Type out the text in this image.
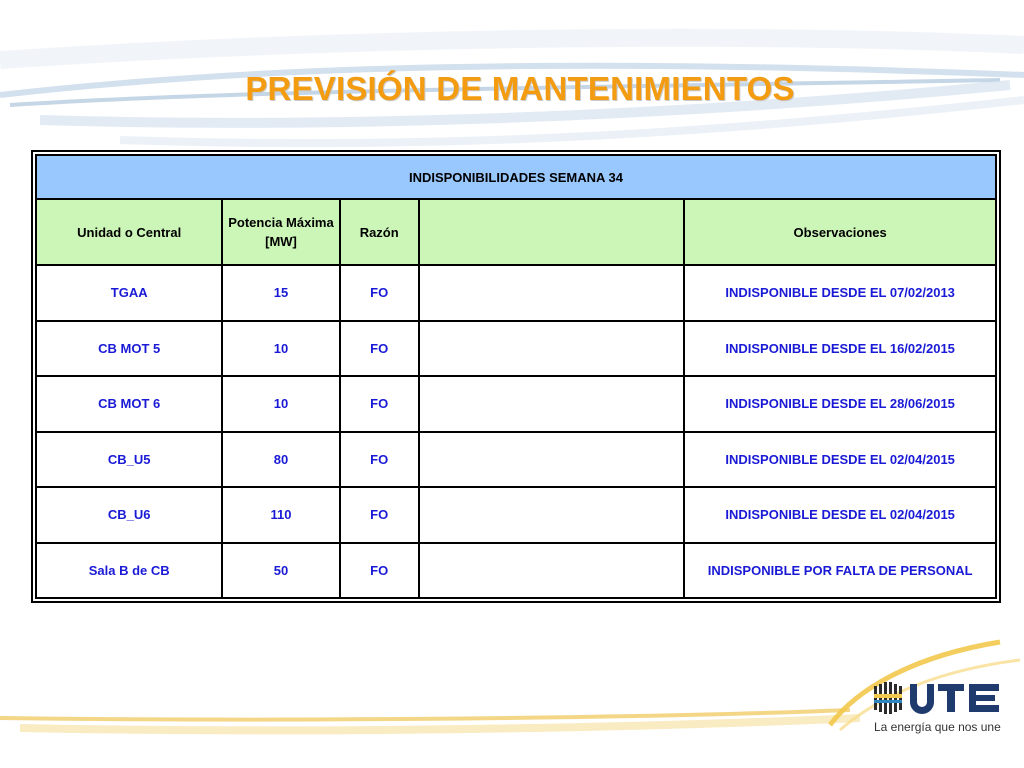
PREVISIÓN DE MANTENIMIENTOS
INDISPONIBILIDADES SEMANA 34				
Unidad o Central	Potencia Máxima [MW]	Razón		Observaciones
TGAA	15	FO		INDISPONIBLE DESDE EL 07/02/2013
CB MOT 5	10	FO		INDISPONIBLE DESDE EL 16/02/2015
CB MOT 6	10	FO		INDISPONIBLE DESDE EL 28/06/2015
CB_U5	80	FO		INDISPONIBLE DESDE EL 02/04/2015
CB_U6	110	FO		INDISPONIBLE DESDE EL 02/04/2015
Sala B de CB	50	FO		INDISPONIBLE POR FALTA DE PERSONAL
La energía que nos une
